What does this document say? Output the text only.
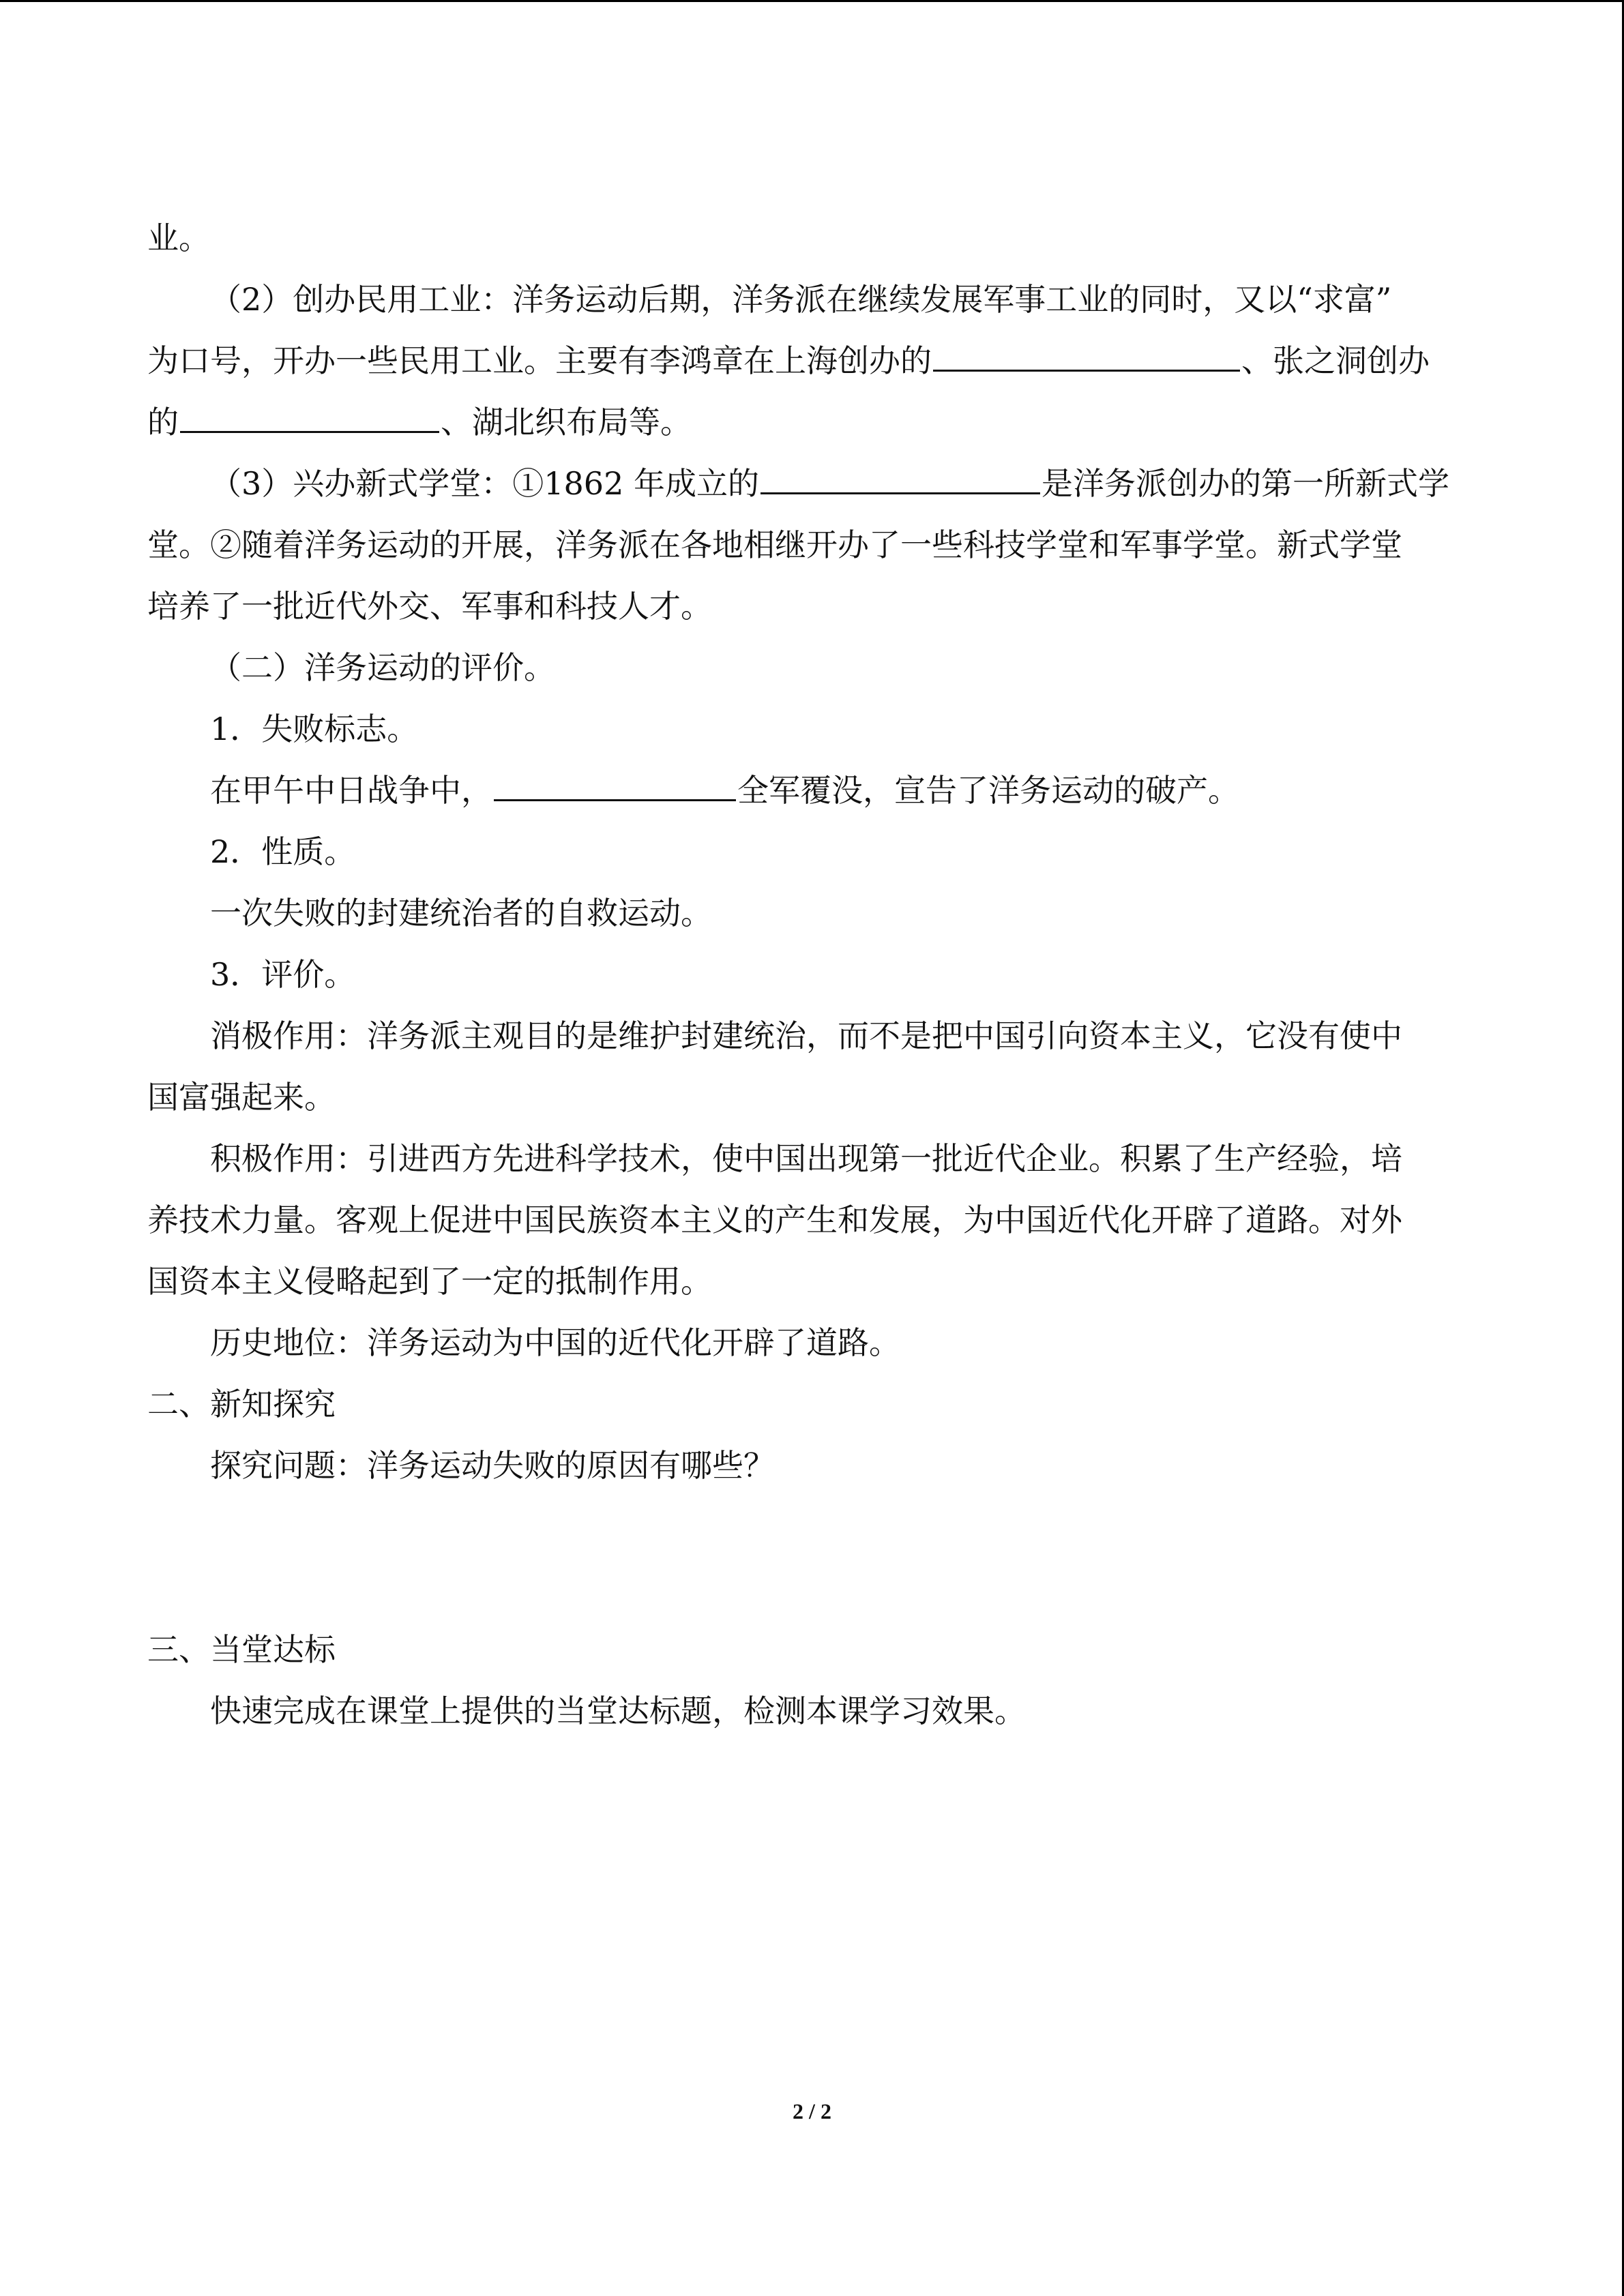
业。
（2）创办民用工业：洋务运动后期，洋务派在继续发展军事工业的同时，又以“求富”
为口号，开办一些民用工业。主要有李鸿章在上海创办的	、张之洞创办
的	、湖北织布局等。
（3）兴办新式学堂：①1862 年成立的	是洋务派创办的第一所新式学
堂。②随着洋务运动的开展，洋务派在各地相继开办了一些科技学堂和军事学堂。新式学堂
培养了一批近代外交、军事和科技人才。
（二）洋务运动的评价。
1．失败标志。
在甲午中日战争中，	全军覆没，宣告了洋务运动的破产。
2．性质。
一次失败的封建统治者的自救运动。
3．评价。
消极作用：洋务派主观目的是维护封建统治，而不是把中国引向资本主义，它没有使中
国富强起来。
积极作用：引进西方先进科学技术，使中国出现第一批近代企业。积累了生产经验，培
养技术力量。客观上促进中国民族资本主义的产生和发展，为中国近代化开辟了道路。对外
国资本主义侵略起到了一定的抵制作用。
历史地位：洋务运动为中国的近代化开辟了道路。
二、新知探究
探究问题：洋务运动失败的原因有哪些？
三、当堂达标
快速完成在课堂上提供的当堂达标题，检测本课学习效果。
2 / 2
